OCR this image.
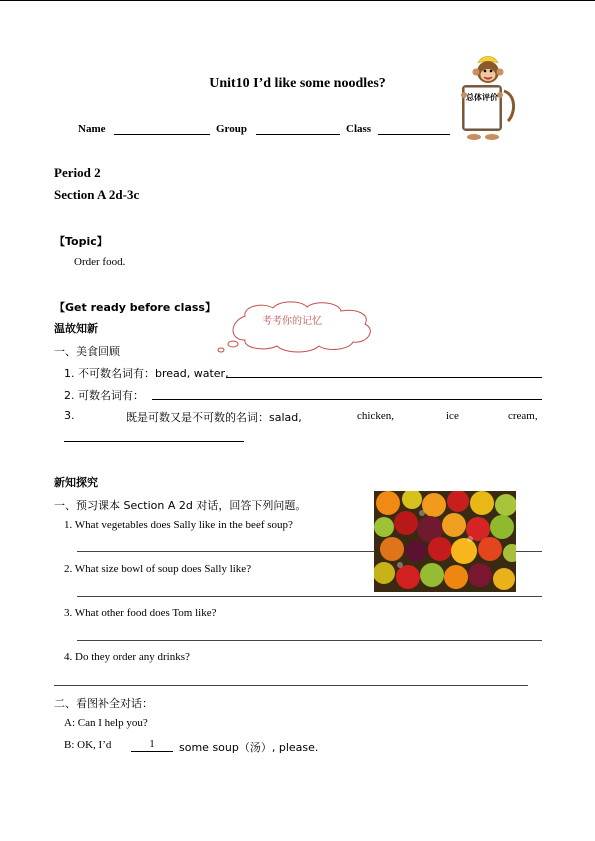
Unit10 I’d like some noodles?
Name	Group	Class
总体评价
Period 2
Section A 2d-3c
【Topic】
Order food.
【Get ready before class】
温故知新
考考你的记忆
一、美食回顾
1. 不可数名词有：bread, water,
2. 可数名词有：
3.	既是可数又是不可数的名词：salad,	chicken,	ice	cream,
新知探究
一、预习课本 Section A 2d 对话，回答下列问题。
1. What vegetables does Sally like in the beef soup?
2. What size bowl of soup does Sally like?
3. What other food does Tom like?
4. Do they order any drinks?
二、看图补全对话：
A: Can I help you?
B: OK, I’d	1	some soup（汤）, please.
